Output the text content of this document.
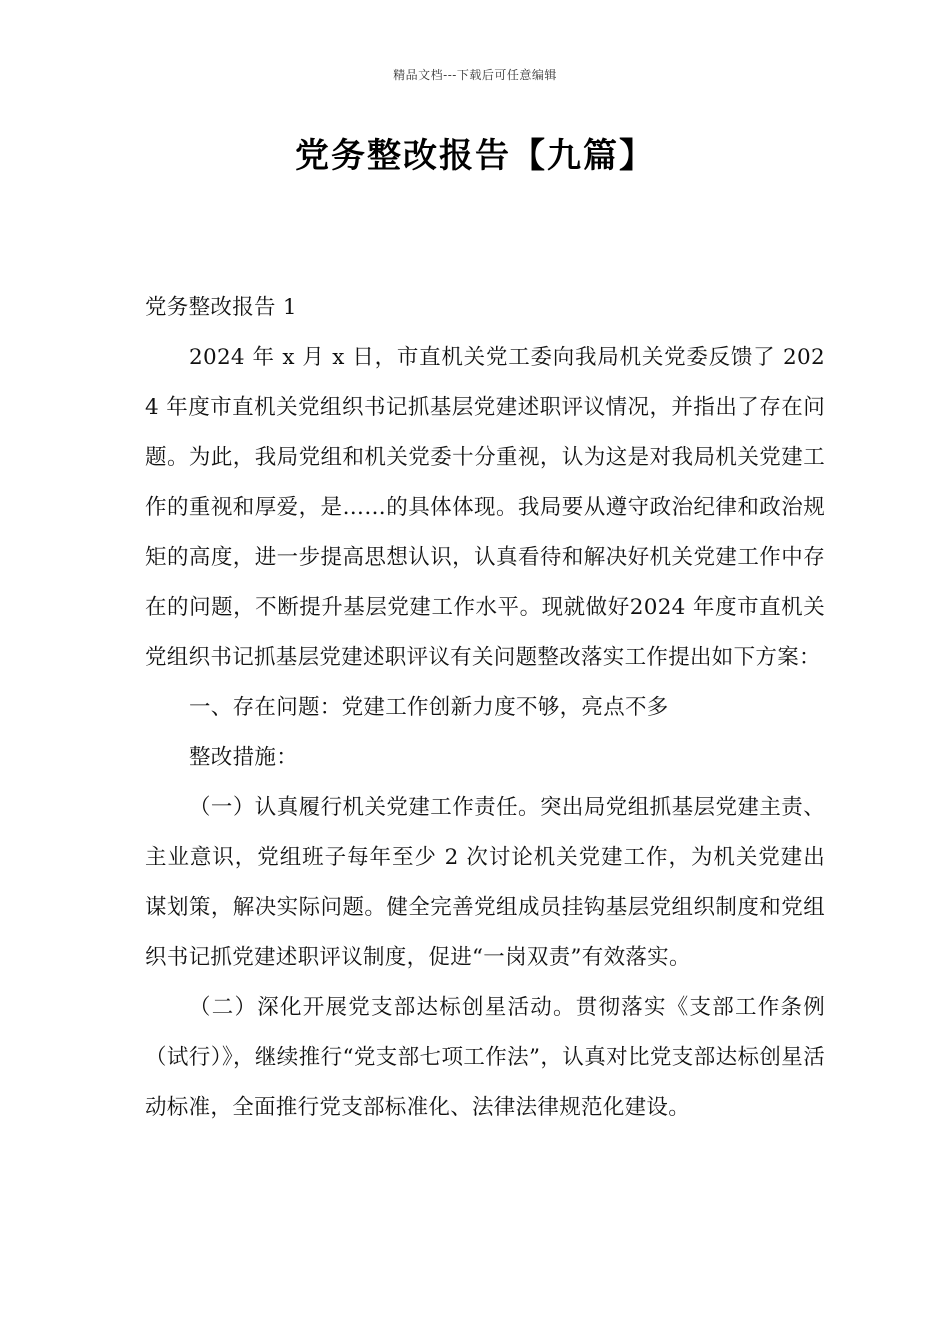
精品文档---下载后可任意编辑
党务整改报告【九篇】

党务整改报告 1

2024 年 x 月 x 日，市直机关党工委向我局机关党委反馈了 2024 年度市直机关党组织书记抓基层党建述职评议情况，并指出了存在问题。为此，我局党组和机关党委十分重视，认为这是对我局机关党建工作的重视和厚爱，是……的具体体现。我局要从遵守政治纪律和政治规矩的高度，进一步提高思想认识，认真看待和解决好机关党建工作中存在的问题，不断提升基层党建工作水平。现就做好2024 年度市直机关党组织书记抓基层党建述职评议有关问题整改落实工作提出如下方案：

一、存在问题：党建工作创新力度不够，亮点不多

整改措施：

（一）认真履行机关党建工作责任。突出局党组抓基层党建主责、主业意识，党组班子每年至少 2 次讨论机关党建工作，为机关党建出谋划策，解决实际问题。健全完善党组成员挂钩基层党组织制度和党组织书记抓党建述职评议制度，促进“一岗双责”有效落实。

（二）深化开展党支部达标创星活动。贯彻落实《支部工作条例（试行）》，继续推行“党支部七项工作法”，认真对比党支部达标创星活动标准，全面推行党支部标准化、法律法律规范化建设。
